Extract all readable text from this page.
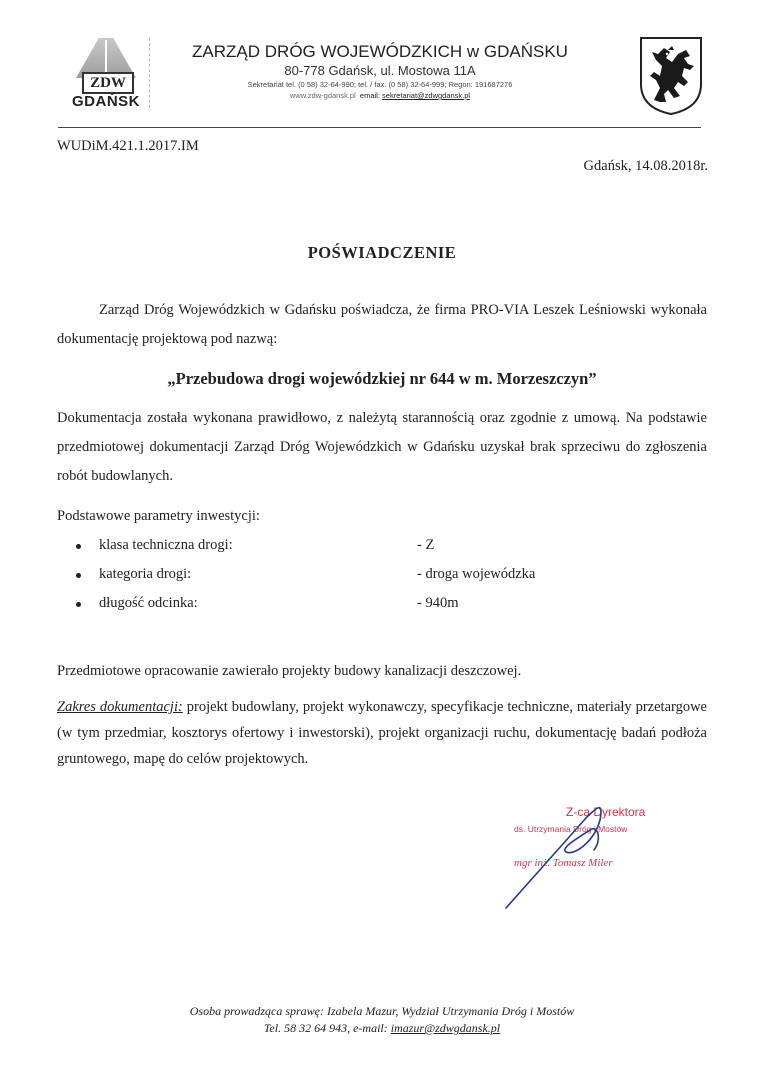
ZDW
GDAŃSK
ZARZĄD DRÓG WOJEWÓDZKICH w GDAŃSKU
80-778 Gdańsk, ul. Mostowa 11A
Sekretariat tel. (0 58) 32-64-990; tel. / fax. (0 58) 32-64-999; Regon: 191687276
www.zdw-gdansk.pl email: sekretariat@zdwgdansk.pl
WUDiM.421.1.2017.IM
Gdańsk, 14.08.2018r.
POŚWIADCZENIE
Zarząd Dróg Wojewódzkich w Gdańsku poświadcza, że firma PRO-VIA Leszek Leśniowski wykonała dokumentację projektową pod nazwą:
„Przebudowa drogi wojewódzkiej nr 644 w m. Morzeszczyn”
Dokumentacja została wykonana prawidłowo, z należytą starannością oraz zgodnie z umową. Na podstawie przedmiotowej dokumentacji Zarząd Dróg Wojewódzkich w Gdańsku uzyskał brak sprzeciwu do zgłoszenia robót budowlanych.
Podstawowe parametry inwestycji:
klasa techniczna drogi:	- Z
kategoria drogi:	- droga wojewódzka
długość odcinka:	- 940m
Przedmiotowe opracowanie zawierało projekty budowy kanalizacji deszczowej.
Zakres dokumentacji: projekt budowlany, projekt wykonawczy, specyfikacje techniczne, materiały przetargowe (w tym przedmiar, kosztorys ofertowy i inwestorski), projekt organizacji ruchu, dokumentację badań podłoża gruntowego, mapę do celów projektowych.
Z-ca Dyrektora
ds. Utrzymania Dróg i Mostów
mgr inż. Tomasz Miler
Osoba prowadząca sprawę: Izabela Mazur, Wydział Utrzymania Dróg i Mostów
Tel. 58 32 64 943, e-mail: imazur@zdwgdansk.pl
